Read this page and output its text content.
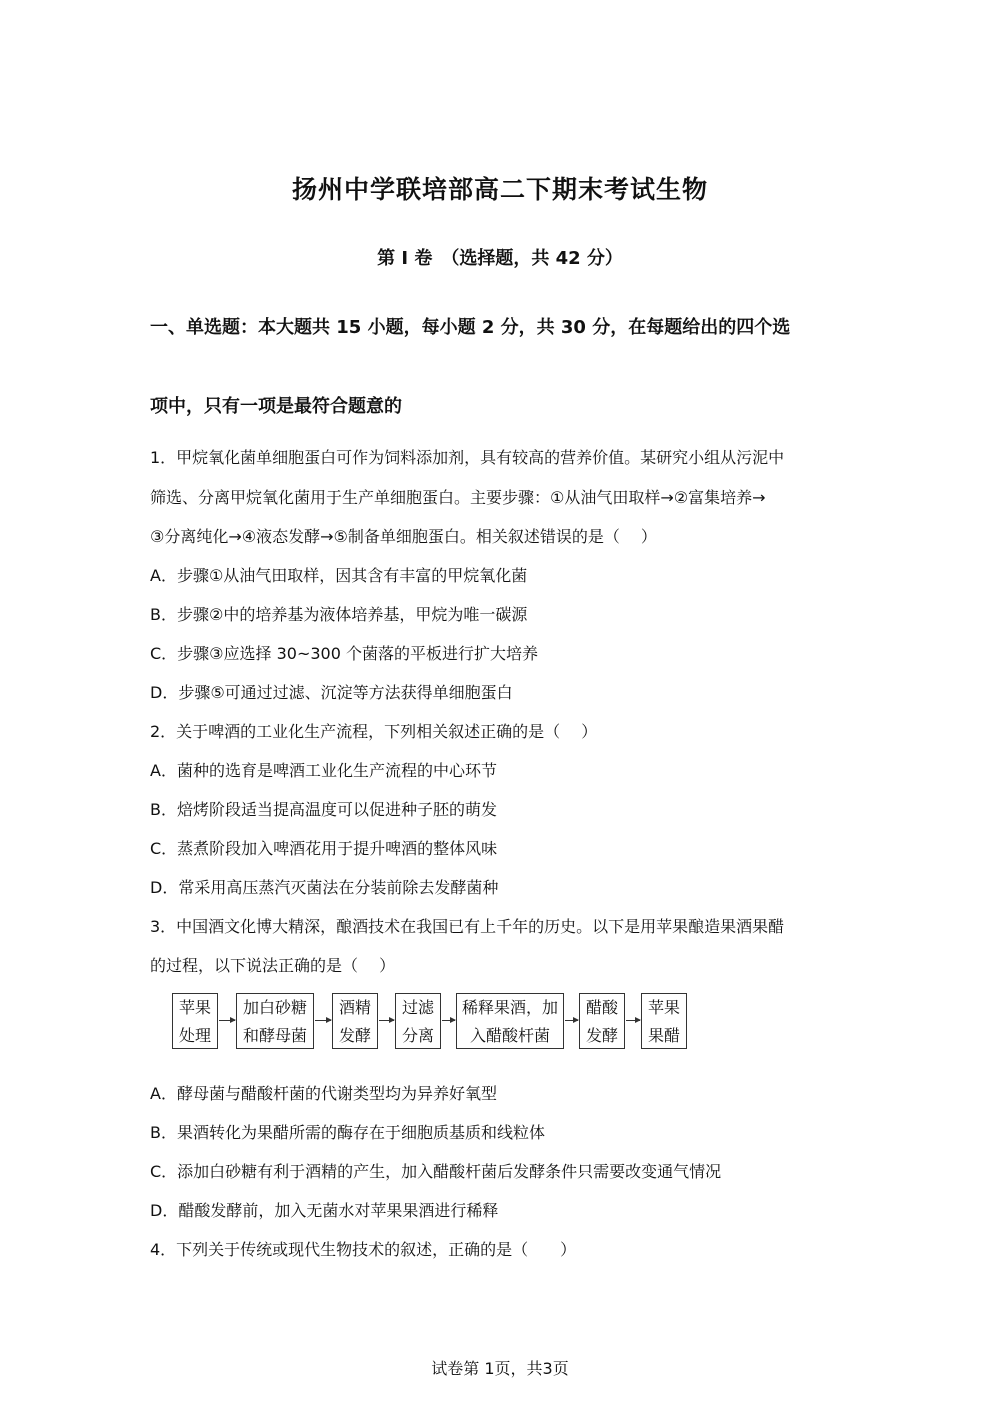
扬州中学联培部高二下期末考试生物
第 I 卷　（选择题，共 42 分）
一、单选题：本大题共 15 小题，每小题 2 分，共 30 分，在每题给出的四个选
项中，只有一项是最符合题意的
1．甲烷氧化菌单细胞蛋白可作为饲料添加剂，具有较高的营养价值。某研究小组从污泥中
筛选、分离甲烷氧化菌用于生产单细胞蛋白。主要步骤：①从油气田取样→②富集培养→
③分离纯化→④液态发酵→⑤制备单细胞蛋白。相关叙述错误的是（　 ）
A．步骤①从油气田取样，因其含有丰富的甲烷氧化菌
B．步骤②中的培养基为液体培养基，甲烷为唯一碳源
C．步骤③应选择 30~300 个菌落的平板进行扩大培养
D．步骤⑤可通过过滤、沉淀等方法获得单细胞蛋白
2．关于啤酒的工业化生产流程，下列相关叙述正确的是（　 ）
A．菌种的选育是啤酒工业化生产流程的中心环节
B．焙烤阶段适当提高温度可以促进种子胚的萌发
C．蒸煮阶段加入啤酒花用于提升啤酒的整体风味
D．常采用高压蒸汽灭菌法在分装前除去发酵菌种
3．中国酒文化博大精深，酿酒技术在我国已有上千年的历史。以下是用苹果酿造果酒果醋
的过程，以下说法正确的是（　 ）
苹果
处理
加白砂糖
和酵母菌
酒精
发酵
过滤
分离
稀释果酒，加
入醋酸杆菌
醋酸
发酵
苹果
果醋
A．酵母菌与醋酸杆菌的代谢类型均为异养好氧型
B．果酒转化为果醋所需的酶存在于细胞质基质和线粒体
C．添加白砂糖有利于酒精的产生，加入醋酸杆菌后发酵条件只需要改变通气情况
D．醋酸发酵前，加入无菌水对苹果果酒进行稀释
4．下列关于传统或现代生物技术的叙述，正确的是（　　）
试卷第 1页，共3页
